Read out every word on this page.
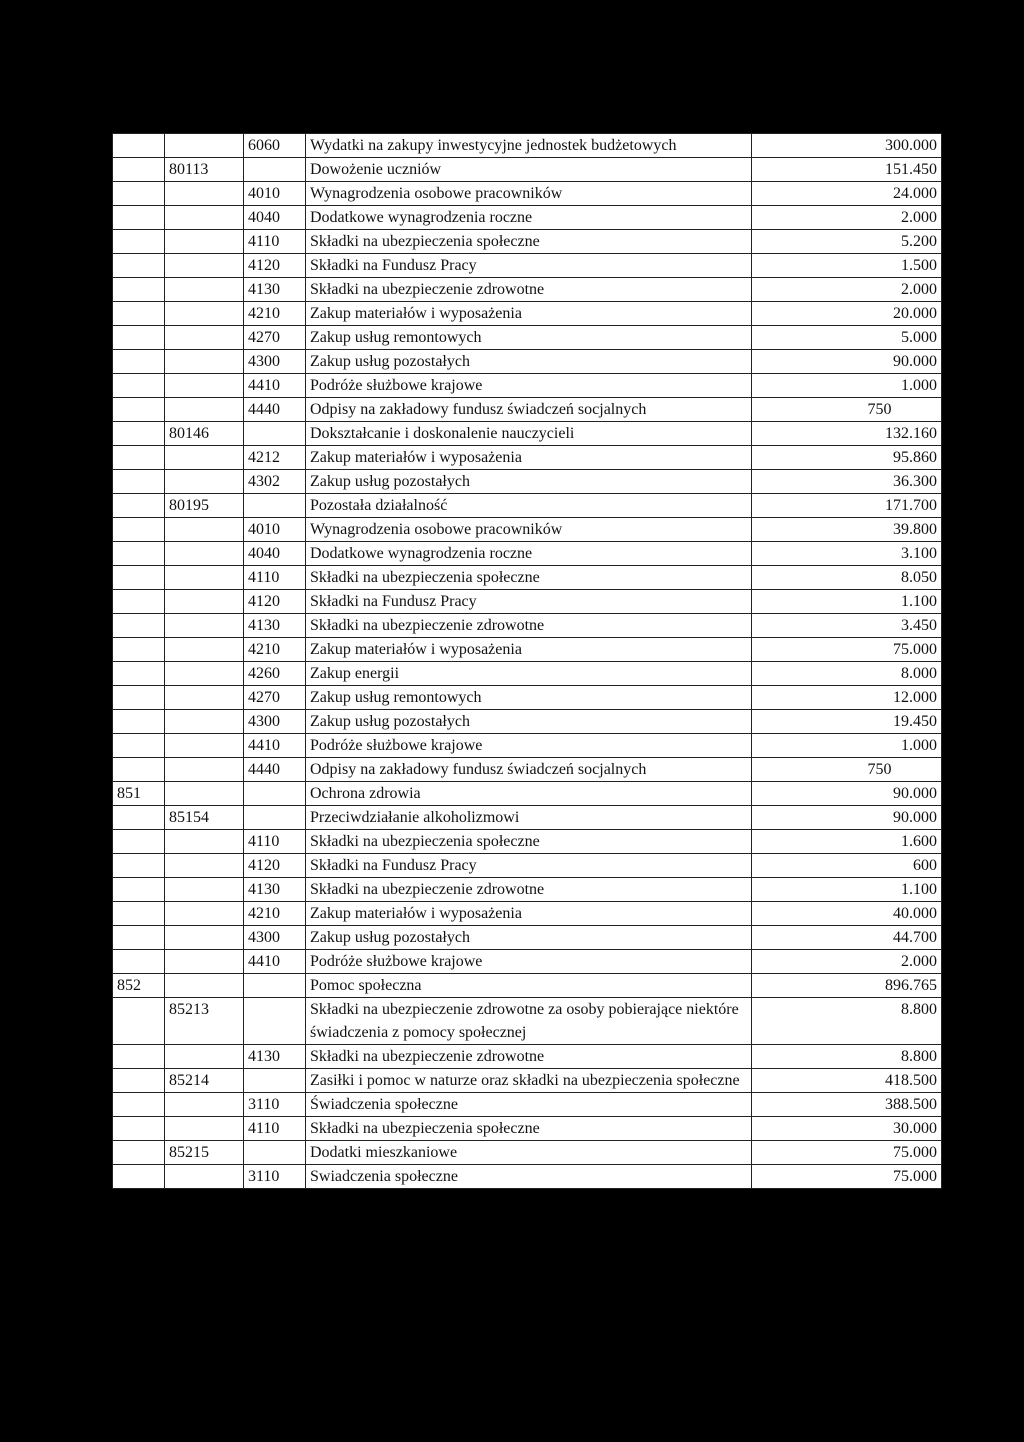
		6060	Wydatki na zakupy inwestycyjne jednostek budżetowych	300.000
	80113		Dowożenie uczniów	151.450
		4010	Wynagrodzenia osobowe pracowników	24.000
		4040	Dodatkowe wynagrodzenia roczne	2.000
		4110	Składki na ubezpieczenia społeczne	5.200
		4120	Składki na Fundusz Pracy	1.500
		4130	Składki na ubezpieczenie zdrowotne	2.000
		4210	Zakup materiałów i wyposażenia	20.000
		4270	Zakup usług remontowych	5.000
		4300	Zakup usług pozostałych	90.000
		4410	Podróże służbowe krajowe	1.000
		4440	Odpisy na zakładowy fundusz świadczeń socjalnych	750
	80146		Dokształcanie i doskonalenie nauczycieli	132.160
		4212	Zakup materiałów i wyposażenia	95.860
		4302	Zakup usług pozostałych	36.300
	80195		Pozostała działalność	171.700
		4010	Wynagrodzenia osobowe pracowników	39.800
		4040	Dodatkowe wynagrodzenia roczne	3.100
		4110	Składki na ubezpieczenia społeczne	8.050
		4120	Składki na Fundusz Pracy	1.100
		4130	Składki na ubezpieczenie zdrowotne	3.450
		4210	Zakup materiałów i wyposażenia	75.000
		4260	Zakup energii	8.000
		4270	Zakup usług remontowych	12.000
		4300	Zakup usług pozostałych	19.450
		4410	Podróże służbowe krajowe	1.000
		4440	Odpisy na zakładowy fundusz świadczeń socjalnych	750
851			Ochrona zdrowia	90.000
	85154		Przeciwdziałanie alkoholizmowi	90.000
		4110	Składki na ubezpieczenia społeczne	1.600
		4120	Składki na Fundusz Pracy	600
		4130	Składki na ubezpieczenie zdrowotne	1.100
		4210	Zakup materiałów i wyposażenia	40.000
		4300	Zakup usług pozostałych	44.700
		4410	Podróże służbowe krajowe	2.000
852			Pomoc społeczna	896.765
	85213		Składki na ubezpieczenie zdrowotne za osoby pobierające niektóre świadczenia z pomocy społecznej	8.800
		4130	Składki na ubezpieczenie zdrowotne	8.800
	85214		Zasiłki i pomoc w naturze oraz składki na ubezpieczenia społeczne	418.500
		3110	Świadczenia społeczne	388.500
		4110	Składki na ubezpieczenia społeczne	30.000
	85215		Dodatki mieszkaniowe	75.000
		3110	Swiadczenia społeczne	75.000
